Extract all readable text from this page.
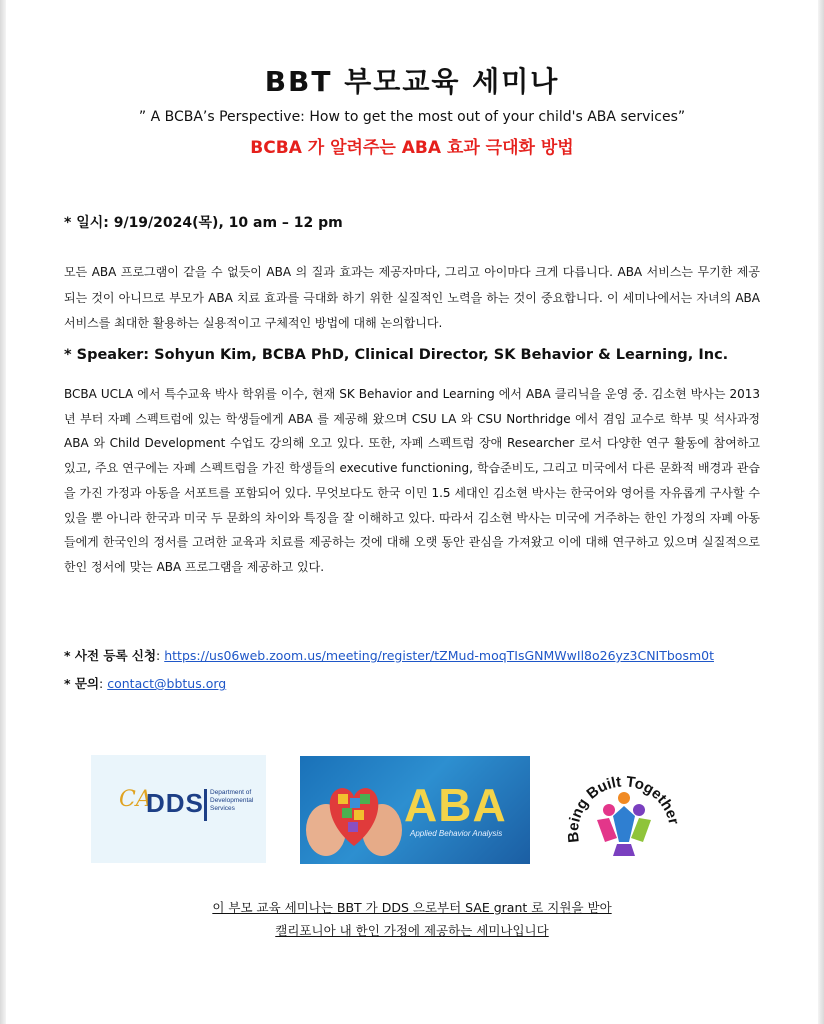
BBT 부모교육 세미나
” A BCBA’s Perspective: How to get the most out of your child's ABA services”
BCBA 가 알려주는 ABA 효과 극대화 방법
* 일시: 9/19/2024(목), 10 am – 12 pm
모든 ABA 프로그램이 같을 수 없듯이 ABA 의 질과 효과는 제공자마다, 그리고 아이마다 크게 다릅니다. ABA 서비스는 무기한 제공 되는 것이 아니므로 부모가 ABA 치료 효과를 극대화 하기 위한 실질적인 노력을 하는 것이 중요합니다. 이 세미나에서는 자녀의 ABA 서비스를 최대한 활용하는 실용적이고 구체적인 방법에 대해 논의합니다.
* Speaker: Sohyun Kim, BCBA PhD, Clinical Director, SK Behavior & Learning, Inc.
BCBA UCLA 에서 특수교육 박사 학위를 이수, 현재 SK Behavior and Learning 에서 ABA 클리닉을 운영 중. 김소현 박사는 2013 년 부터 자폐 스펙트럼에 있는 학생들에게 ABA 를 제공해 왔으며 CSU LA 와 CSU Northridge 에서 겸임 교수로 학부 및 석사과정 ABA 와 Child Development 수업도 강의해 오고 있다. 또한, 자폐 스펙트럼 장애 Researcher 로서 다양한 연구 활동에 참여하고 있고, 주요 연구에는 자폐 스펙트럼을 가진 학생들의 executive functioning, 학습준비도, 그리고 미국에서 다른 문화적 배경과 관습을 가진 가정과 아동을 서포트를 포함되어 있다. 무엇보다도 한국 이민 1.5 세대인 김소현 박사는 한국어와 영어를 자유롭게 구사할 수 있을 뿐 아니라 한국과 미국 두 문화의 차이와 특징을 잘 이해하고 있다. 따라서 김소현 박사는 미국에 거주하는 한인 가정의 자폐 아동들에게 한국인의 정서를 고려한 교육과 치료를 제공하는 것에 대해 오랫 동안 관심을 가져왔고 이에 대해 연구하고 있으며 실질적으로 한인 정서에 맞는 ABA 프로그램을 제공하고 있다.
* 사전 등록 신청: https://us06web.zoom.us/meeting/register/tZMud-moqTIsGNMWwIl8o26yz3CNITbosm0t
* 문의: contact@bbtus.org
CA
DDS Department of
Developmental
Services	ABA
Applied Behavior Analysis	Being Built Together
이 부모 교육 세미나는 BBT 가 DDS 으로부터 SAE grant 로 지원을 받아
캘리포니아 내 한인 가정에 제공하는 세미나입니다
